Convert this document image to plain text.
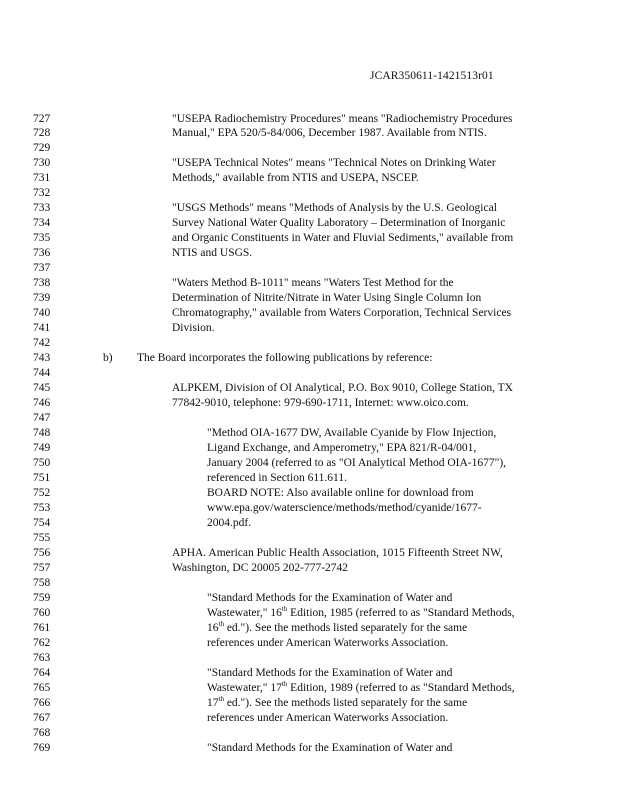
JCAR350611-1421513r01
727	"USEPA Radiochemistry Procedures" means "Radiochemistry Procedures
728	Manual," EPA 520/5-84/006, December 1987. Available from NTIS.
729
730	"USEPA Technical Notes" means "Technical Notes on Drinking Water
731	Methods," available from NTIS and USEPA, NSCEP.
732
733	"USGS Methods" means "Methods of Analysis by the U.S. Geological
734	Survey National Water Quality Laboratory – Determination of Inorganic
735	and Organic Constituents in Water and Fluvial Sediments," available from
736	NTIS and USGS.
737
738	"Waters Method B-1011" means "Waters Test Method for the
739	Determination of Nitrite/Nitrate in Water Using Single Column Ion
740	Chromatography," available from Waters Corporation, Technical Services
741	Division.
742
743	b) The Board incorporates the following publications by reference:
744
745	ALPKEM, Division of OI Analytical, P.O. Box 9010, College Station, TX
746	77842-9010, telephone: 979-690-1711, Internet: www.oico.com.
747
748	"Method OIA-1677 DW, Available Cyanide by Flow Injection,
749	Ligand Exchange, and Amperometry," EPA 821/R-04/001,
750	January 2004 (referred to as "OI Analytical Method OIA-1677"),
751	referenced in Section 611.611.
752	BOARD NOTE: Also available online for download from
753	www.epa.gov/waterscience/methods/method/cyanide/1677-
754	2004.pdf.
755
756	APHA. American Public Health Association, 1015 Fifteenth Street NW,
757	Washington, DC 20005 202-777-2742
758
759	"Standard Methods for the Examination of Water and
760	Wastewater," 16th Edition, 1985 (referred to as "Standard Methods,
761	16th ed."). See the methods listed separately for the same
762	references under American Waterworks Association.
763
764	"Standard Methods for the Examination of Water and
765	Wastewater," 17th Edition, 1989 (referred to as "Standard Methods,
766	17th ed."). See the methods listed separately for the same
767	references under American Waterworks Association.
768
769	"Standard Methods for the Examination of Water and
